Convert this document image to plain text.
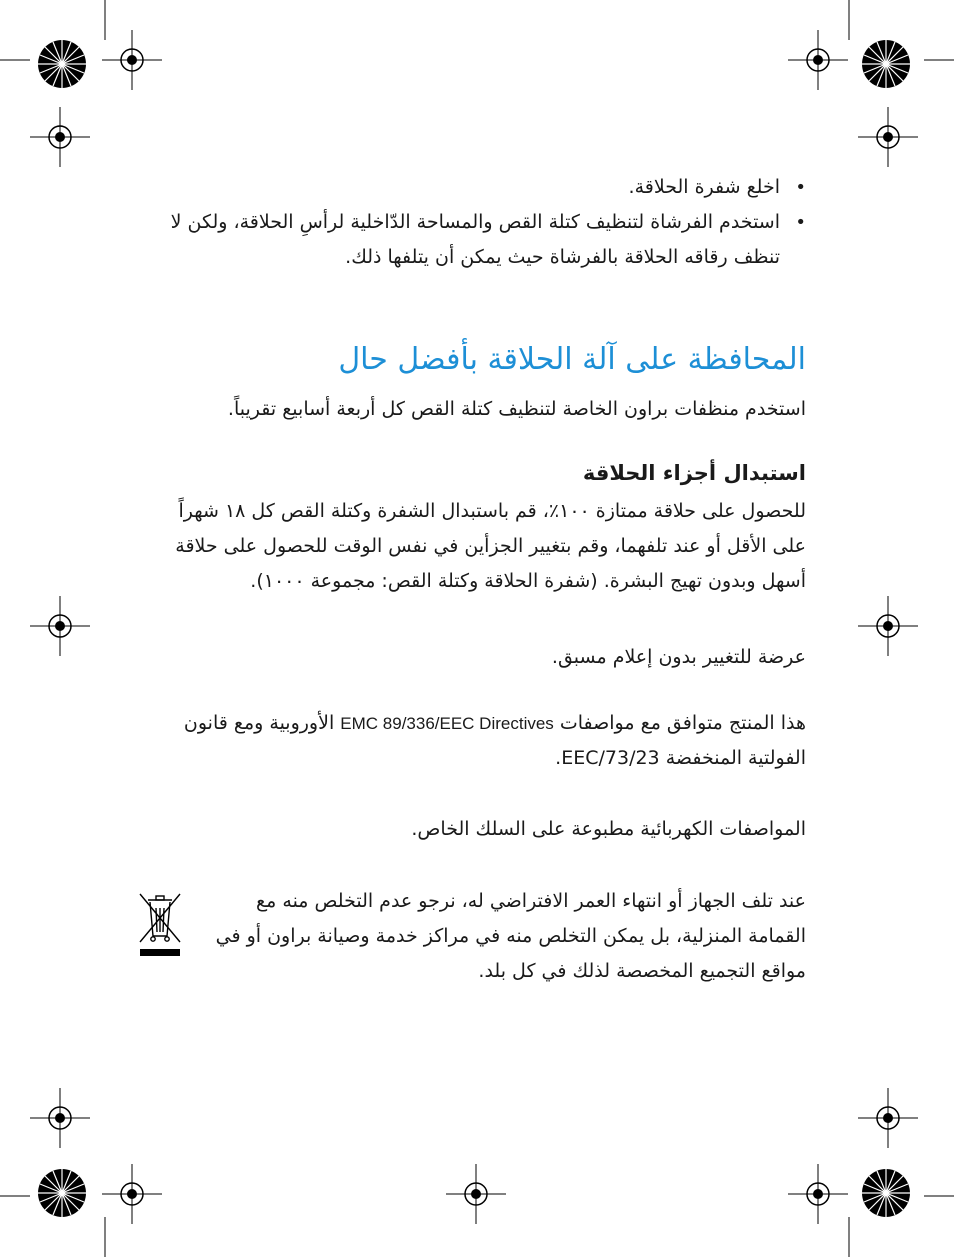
• اخلع شفرة الحلاقة.
• استخدم الفرشاة لتنظيف كتلة القص والمساحة الدّاخلية لرأسِ الحلاقة، ولكن لا تنظف رقاقه الحلاقة بالفرشاة حيث يمكن أن يتلفها ذلك.
المحافظة على آلة الحلاقة بأفضل حال
استخدم منظفات براون الخاصة لتنظيف كتلة القص كل أربعة أسابيع تقريباً.
استبدال أجزاء الحلاقة
للحصول على حلاقة ممتازة ١٠٠٪، قم باستبدال الشفرة وكتلة القص كل ١٨ شهراً على الأقل أو عند تلفهما، وقم بتغيير الجزأين في نفس الوقت للحصول على حلاقة أسهل وبدون تهيج البشرة. (شفرة الحلاقة وكتلة القص: مجموعة ١٠٠٠).
عرضة للتغيير بدون إعلام مسبق.
هذا المنتج متوافق مع مواصفات EMC 89/336/EEC Directives الأوروبية ومع قانون الفولتية المنخفضة 73/23/EEC.
المواصفات الكهربائية مطبوعة على السلك الخاص.
عند تلف الجهاز أو انتهاء العمر الافتراضي له، نرجو عدم التخلص منه مع القمامة المنزلية، بل يمكن التخلص منه في مراكز خدمة وصيانة براون أو في مواقع التجميع المخصصة لذلك في كل بلد.
